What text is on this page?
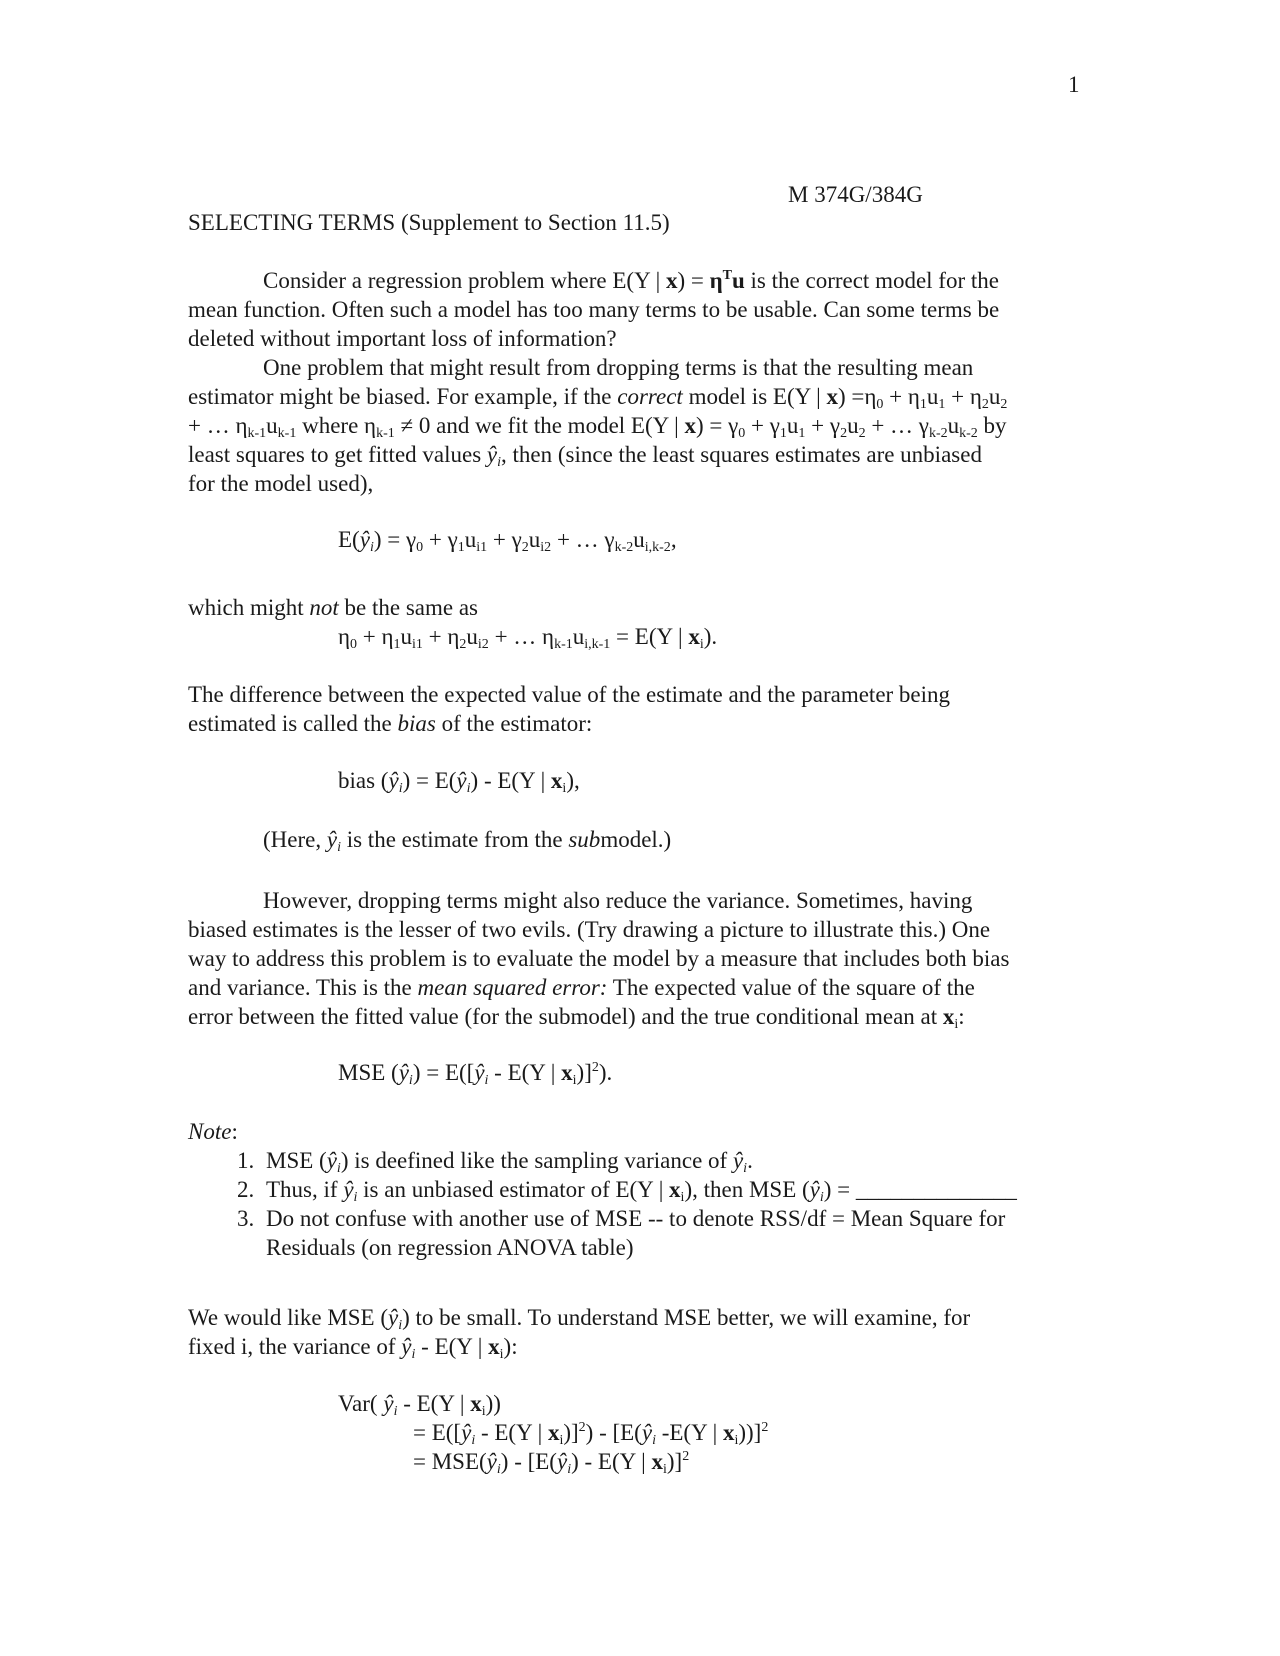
1
M 374G/384G
SELECTING TERMS (Supplement to Section 11.5)
Consider a regression problem where E(Y | $x) = \eta^Tu$ is the correct model for the
mean function. Often such a model has too many terms to be usable. Can some terms be
deleted without important loss of information?
One problem that might result from dropping terms is that the resulting mean
estimator might be biased. For example, if the correct model is E(Y | $x) =\eta_0 + \eta_1u_1 + \eta_2u_2$
+ … $\eta_{k-1}u_{k-1}$ where $\eta_{k-1} \ne 0$ and we fit the model E(Y | $x) = \gamma_0 + \gamma_1u_1 + \gamma_2u_2$ + … $\gamma_{k-2}u_{k-2}$ by
least squares to get fitted values $ŷ_i$, then (since the least squares estimates are unbiased
for the model used),
$E(ŷ_i) = \gamma_0 + \gamma_1u_{i1} + \gamma_2u_{i2}$ + … $\gamma_{k-2}u_{i,k-2}$,
which might not be the same as
$\eta_0 + \eta_1u_{i1} + \eta_2u_{i2}$ + … $\eta_{k-1}u_{i,k-1} = E(Y$ | $x_i$).
The difference between the expected value of the estimate and the parameter being
estimated is called the bias of the estimator:
bias $(ŷ_i)$ = $E(ŷ_i) - E(Y$ | $x_i$),
(Here, $ŷ_i$ is the estimate from the submodel.)
However, dropping terms might also reduce the variance. Sometimes, having
biased estimates is the lesser of two evils. (Try drawing a picture to illustrate this.) One
way to address this problem is to evaluate the model by a measure that includes both bias
and variance. This is the mean squared error: The expected value of the square of the
error between the fitted value (for the submodel) and the true conditional mean at $x_i$:
MSE $(ŷ_i)$ = $E([ŷ_i - E(Y$ | $x_i)]^2$).
Note:
1. MSE $(ŷ_i)$ is deefined like the sampling variance of $ŷ_i$.
2. Thus, if $ŷ_i$ is an unbiased estimator of E(Y | $x_i$), then MSE $(ŷ_i)$ = ______________
3. Do not confuse with another use of MSE -- to denote RSS/df = Mean Square for
Residuals (on regression ANOVA table)
We would like MSE $(ŷ_i)$ to be small. To understand MSE better, we will examine, for
fixed i, the variance of $ŷ_i - E(Y$ | $x_i$):
Var( $ŷ_i - E(Y$ | $x_i$))
= $E([ŷ_i - E(Y$ | $x_i)]^2$) - [$E(ŷ_i$ -E(Y | $x_i))]^2$
= $MSE(ŷ_i)$ - [$E(ŷ_i) - E(Y$ | $x_i)]^2$
